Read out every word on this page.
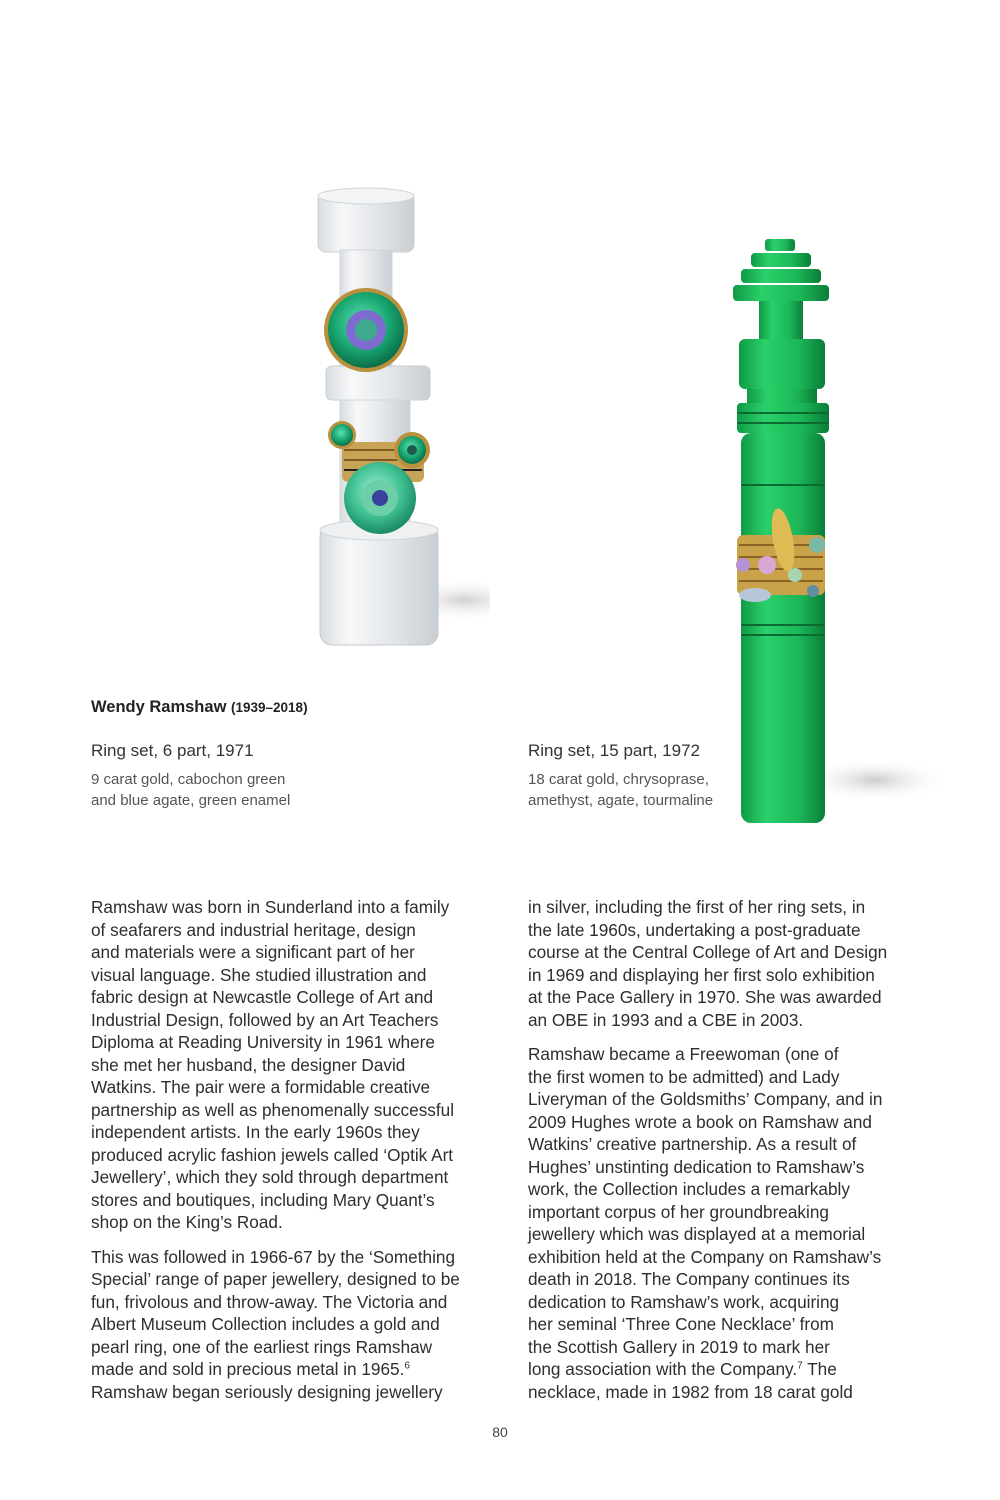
Wendy Ramshaw (1939–2018)
Ring set, 6 part, 1971
9 carat gold, cabochon green
and blue agate, green enamel
Ring set, 15 part, 1972
18 carat gold, chrysoprase,
amethyst, agate, tourmaline
Ramshaw was born in Sunderland into a family
of seafarers and industrial heritage, design
and materials were a significant part of her
visual language. She studied illustration and
fabric design at Newcastle College of Art and
Industrial Design, followed by an Art Teachers
Diploma at Reading University in 1961 where
she met her husband, the designer David
Watkins. The pair were a formidable creative
partnership as well as phenomenally successful
independent artists. In the early 1960s they
produced acrylic fashion jewels called ‘Optik Art
Jewellery’, which they sold through department
stores and boutiques, including Mary Quant’s
shop on the King’s Road.
This was followed in 1966-67 by the ‘Something
Special’ range of paper jewellery, designed to be
fun, frivolous and throw-away. The Victoria and
Albert Museum Collection includes a gold and
pearl ring, one of the earliest rings Ramshaw
made and sold in precious metal in 1965.$^6$
Ramshaw began seriously designing jewellery
in silver, including the first of her ring sets, in
the late 1960s, undertaking a post-graduate
course at the Central College of Art and Design
in 1969 and displaying her first solo exhibition
at the Pace Gallery in 1970. She was awarded
an OBE in 1993 and a CBE in 2003.
Ramshaw became a Freewoman (one of
the first women to be admitted) and Lady
Liveryman of the Goldsmiths’ Company, and in
2009 Hughes wrote a book on Ramshaw and
Watkins’ creative partnership. As a result of
Hughes’ unstinting dedication to Ramshaw’s
work, the Collection includes a remarkably
important corpus of her groundbreaking
jewellery which was displayed at a memorial
exhibition held at the Company on Ramshaw’s
death in 2018. The Company continues its
dedication to Ramshaw’s work, acquiring
her seminal ‘Three Cone Necklace’ from
the Scottish Gallery in 2019 to mark her
long association with the Company.$^7$ The
necklace, made in 1982 from 18 carat gold
80
